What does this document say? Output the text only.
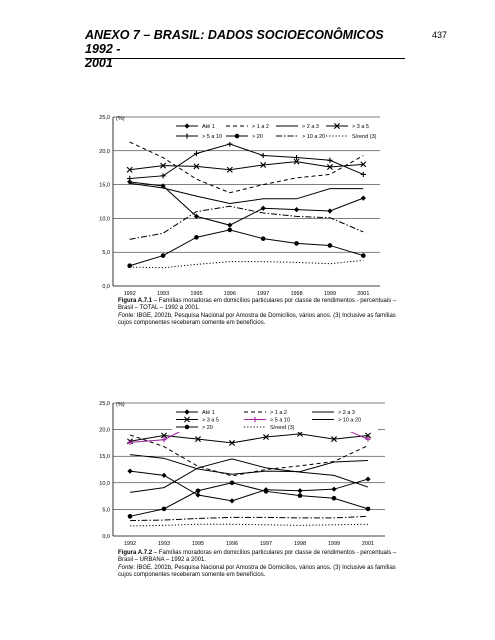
ANEXO 7 – BRASIL: DADOS SOCIOECONÔMICOS 1992 -
2001
437
0,0
5,0
10,0
15,0
20,0
25,0 (%)
1992	1993	1995	1996	1997	1998	1999	2001
Até 1	> 1 a 2	> 2 a 3	> 3 a 5
> 5 a 10	> 20	> 10 a 20	S/rend (3)
Figura A.7.1 – Famílias moradoras em domicílios particulares por classe de rendimentos - percentuais – Brasil – TOTAL – 1992 a 2001.
Fonte: IBGE, 2002b, Pesquisa Nacional por Amostra de Domicílios, vários anos. (3) Inclusive as famílias cujos componentes receberam somente em benefícios.
0,0
5,0
10,0
15,0
20,0
25,0 (%)
1992	1993	1995	1996	1997	1998	1999	2001
Até 1	> 1 a 2	> 2 a 3
> 3 a 5	> 5 a 10	> 10 a 20
> 20	S/rend (3)
Figura A.7.2 – Famílias moradoras em domicílios particulares por classe de rendimentos - percentuais – Brasil – URBANA – 1992 a 2001.
Fonte: IBGE, 2002b, Pesquisa Nacional por Amostra de Domicílios, vários anos. (3) Inclusive as famílias cujos componentes receberam somente em benefícios.
